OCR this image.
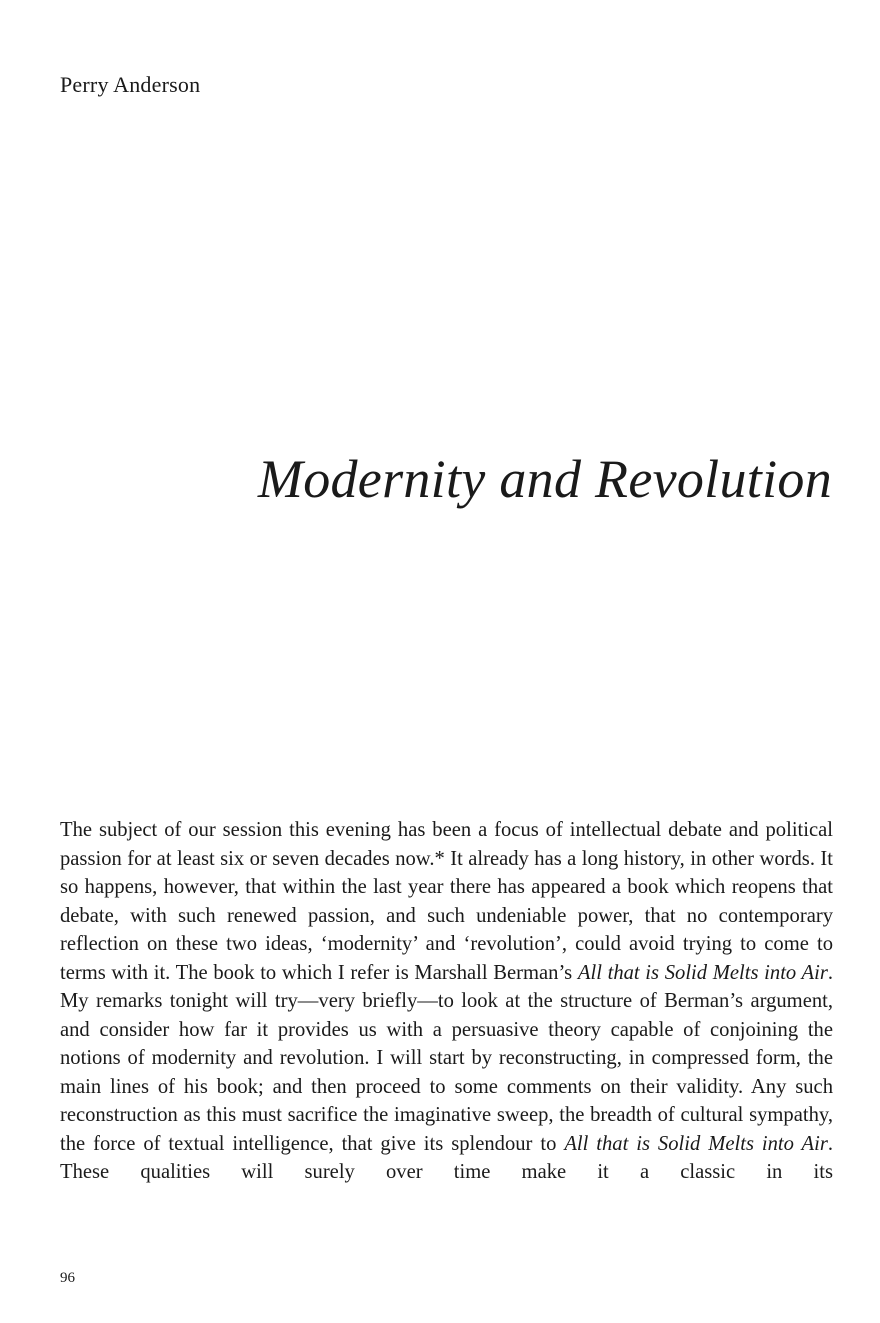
Perry Anderson
Modernity and Revolution

The subject of our session this evening has been a focus of intellectual debate and political passion for at least six or seven decades now.* It already has a long history, in other words. It so happens, however, that within the last year there has appeared a book which reopens that debate, with such renewed passion, and such undeniable power, that no contemporary reflection on these two ideas, ‘modernity’ and ‘revolution’, could avoid trying to come to terms with it. The book to which I refer is Marshall Berman’s All that is Solid Melts into Air. My remarks tonight will try—very briefly—to look at the structure of Berman’s argument, and consider how far it provides us with a persuasive theory capable of conjoining the notions of modernity and revolution. I will start by reconstructing, in compressed form, the main lines of his book; and then proceed to some comments on their validity. Any such reconstruction as this must sacrifice the imaginative sweep, the breadth of cultural sympathy, the force of textual intelligence, that give its splendour to All that is Solid Melts into Air. These qualities will surely over time make it a classic in its

96
